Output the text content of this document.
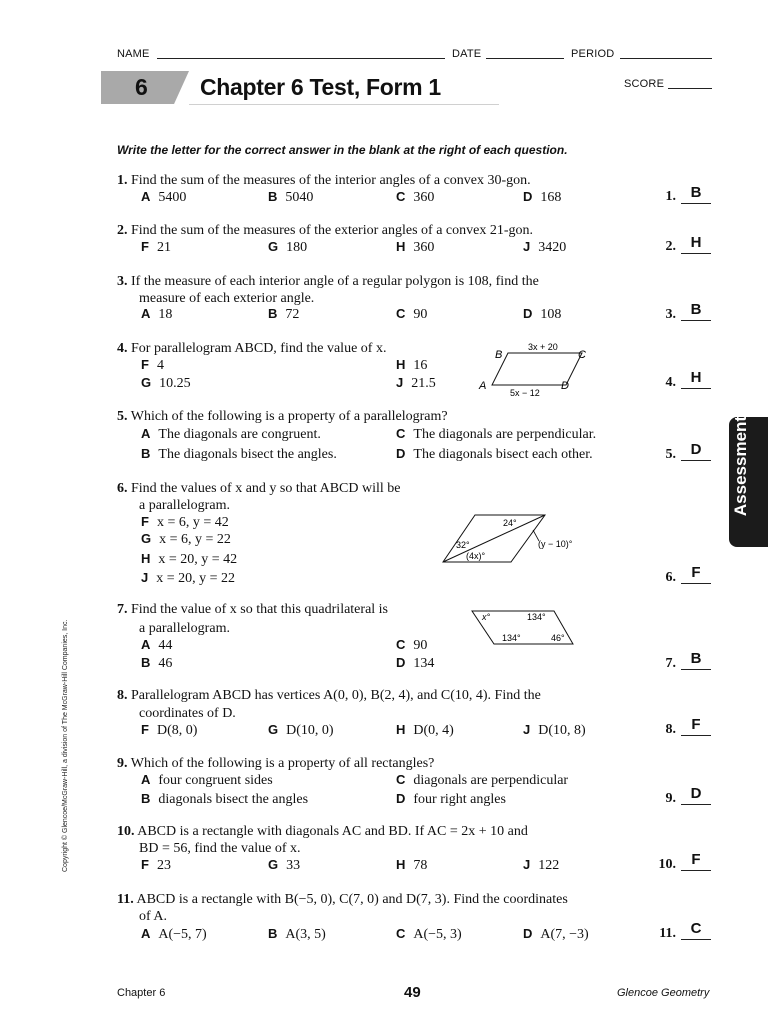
NAME	DATE	PERIOD
6 Chapter 6 Test, Form 1	SCORE
Write the letter for the correct answer in the blank at the right of each question.
Assessment
Copyright © Glencoe/McGraw-Hill, a division of The McGraw-Hill Companies, Inc.
1. Find the sum of the measures of the interior angles of a convex 30-gon.
A 5400	B 5040	C 360	D 168	1. B
2. Find the sum of the measures of the exterior angles of a convex 21-gon.
F 21	G 180	H 360	J 3420	2. H
3. If the measure of each interior angle of a regular polygon is 108, find the
measure of each exterior angle.
A 18	B 72	C 90	D 108	3. B
4. For parallelogram ABCD, find the value of x.
F 4	H 16
G 10.25	J 21.5
B	C
A	D
3x + 20
5x − 12
4. H
5. Which of the following is a property of a parallelogram?
A The diagonals are congruent.	C The diagonals are perpendicular.
B The diagonals bisect the angles.	D The diagonals bisect each other.	5. D
6. Find the values of x and y so that ABCD will be
a parallelogram.
F x = 6, y = 42
G x = 6, y = 22
H x = 20, y = 42
J x = 20, y = 22
24°
32°
(4x)°
(y − 10)°
6.	F
7. Find the value of x so that this quadrilateral is
a parallelogram.
A 44	C 90
B 46	D 134
x°	134°
134°	46°
7. B
8. Parallelogram ABCD has vertices A(0, 0), B(2, 4), and C(10, 4). Find the
coordinates of D.
F D(8, 0)	G D(10, 0)	H D(0, 4)	J D(10, 8)	8.	F
9. Which of the following is a property of all rectangles?
A four congruent sides	C diagonals are perpendicular
B diagonals bisect the angles	D four right angles	9. D
10. ABCD is a rectangle with diagonals AC and BD. If AC = 2x + 10 and
BD = 56, find the value of x.
F 23	G 33	H 78	J 122	10.	F
11. ABCD is a rectangle with B(−5, 0), C(7, 0) and D(7, 3). Find the coordinates
of A.
A A(−5, 7)	B A(3, 5)	C A(−5, 3)	D A(7, −3)	11. C
Chapter 6	49	Glencoe Geometry
